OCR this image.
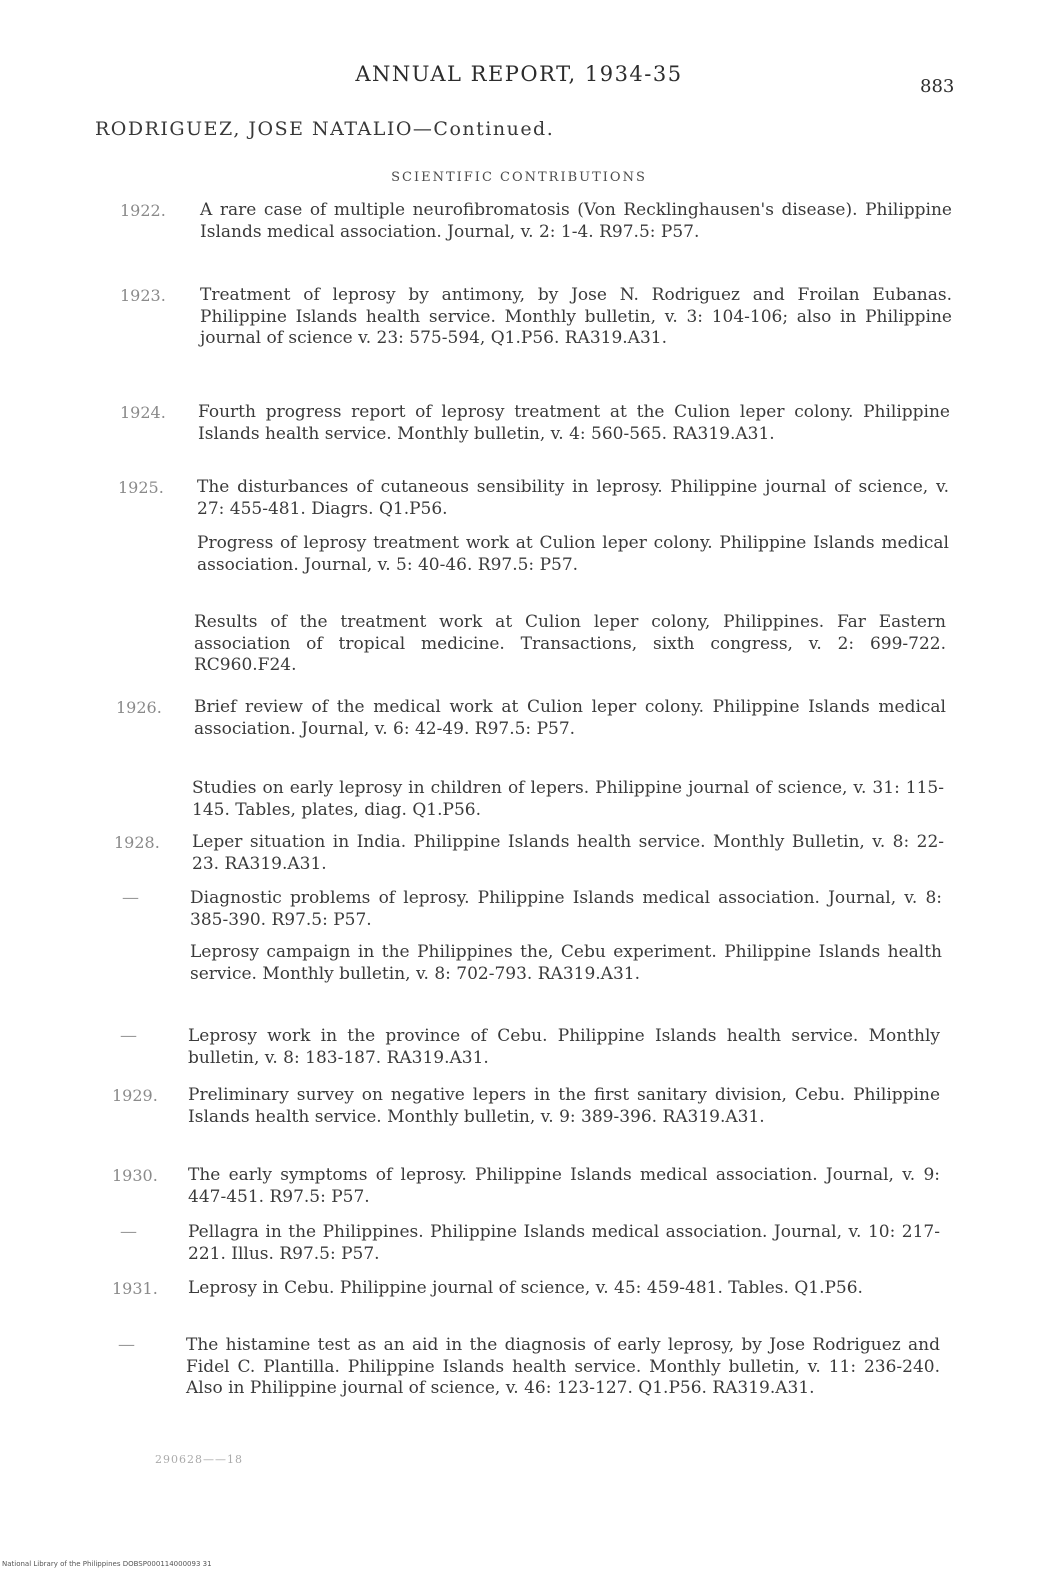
ANNUAL REPORT, 1934-35
883
RODRIGUEZ, JOSE NATALIO—Continued.
SCIENTIFIC CONTRIBUTIONS
1922.	A rare case of multiple neurofibromatosis (Von Recklinghausen's disease). Philippine Islands medical association. Journal, v. 2: 1-4. R97.5: P57.
1923.	Treatment of leprosy by antimony, by Jose N. Rodriguez and Froilan Eubanas. Philippine Islands health service. Monthly bulletin, v. 3: 104-106; also in Philippine journal of science v. 23: 575-594, Q1.P56. RA319.A31.
1924.	Fourth progress report of leprosy treatment at the Culion leper colony. Philippine Islands health service. Monthly bulletin, v. 4: 560-565. RA319.A31.
1925.	The disturbances of cutaneous sensibility in leprosy. Philippine journal of science, v. 27: 455-481. Diagrs. Q1.P56.
Progress of leprosy treatment work at Culion leper colony. Philippine Islands medical association. Journal, v. 5: 40-46. R97.5: P57.
Results of the treatment work at Culion leper colony, Philippines. Far Eastern association of tropical medicine. Transactions, sixth congress, v. 2: 699-722. RC960.F24.
1926.	Brief review of the medical work at Culion leper colony. Philippine Islands medical association. Journal, v. 6: 42-49. R97.5: P57.
Studies on early leprosy in children of lepers. Philippine journal of science, v. 31: 115-145. Tables, plates, diag. Q1.P56.
1928.	Leper situation in India. Philippine Islands health service. Monthly Bulletin, v. 8: 22-23. RA319.A31.
—	Diagnostic problems of leprosy. Philippine Islands medical association. Journal, v. 8: 385-390. R97.5: P57.
Leprosy campaign in the Philippines the, Cebu experiment. Philippine Islands health service. Monthly bulletin, v. 8: 702-793. RA319.A31.
—	Leprosy work in the province of Cebu. Philippine Islands health service. Monthly bulletin, v. 8: 183-187. RA319.A31.
1929.	Preliminary survey on negative lepers in the first sanitary division, Cebu. Philippine Islands health service. Monthly bulletin, v. 9: 389-396. RA319.A31.
1930.	The early symptoms of leprosy. Philippine Islands medical association. Journal, v. 9: 447-451. R97.5: P57.
—	Pellagra in the Philippines. Philippine Islands medical association. Journal, v. 10: 217-221. Illus. R97.5: P57.
1931.	Leprosy in Cebu. Philippine journal of science, v. 45: 459-481. Tables. Q1.P56.
—	The histamine test as an aid in the diagnosis of early leprosy, by Jose Rodriguez and Fidel C. Plantilla. Philippine Islands health service. Monthly bulletin, v. 11: 236-240. Also in Philippine journal of science, v. 46: 123-127. Q1.P56. RA319.A31.
290628——18
National Library of the Philippines DOBSP000114000093 31
